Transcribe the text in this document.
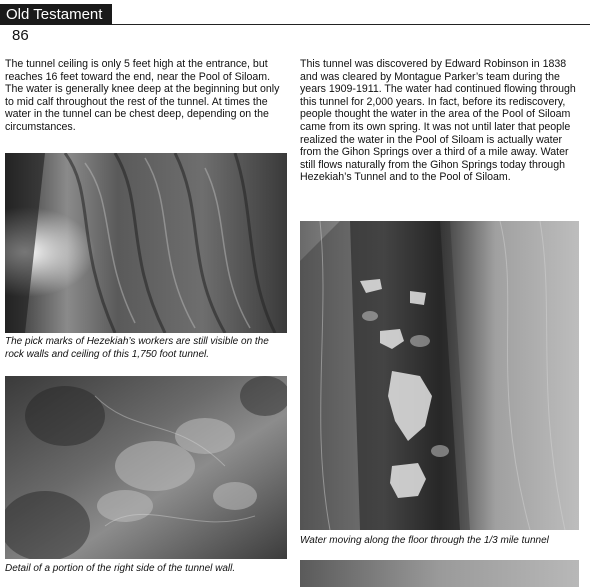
Old Testament
86

The tunnel ceiling is only 5 feet high at the entrance, but reaches 16 feet toward the end, near the Pool of Siloam. The water is generally knee deep at the beginning but only to mid calf throughout the rest of the tunnel. At times the water in the tunnel can be chest deep, depending on the circumstances.

This tunnel was discovered by Edward Robinson in 1838 and was cleared by Montague Parker’s team during the years 1909-1911. The water had continued flowing through this tunnel for 2,000 years. In fact, before its rediscovery, people thought the water in the area of the Pool of Siloam came from its own spring. It was not until later that people realized the water in the Pool of Siloam is actually water from the Gihon Springs over a third of a mile away. Water still flows naturally from the Gihon Springs today through Hezekiah’s Tunnel and to the Pool of Siloam.

The pick marks of Hezekiah’s workers are still visible on the rock walls and ceiling of this 1,750 foot tunnel.

Detail of a portion of the right side of the tunnel wall.

Water moving along the floor through the 1/3 mile tunnel
